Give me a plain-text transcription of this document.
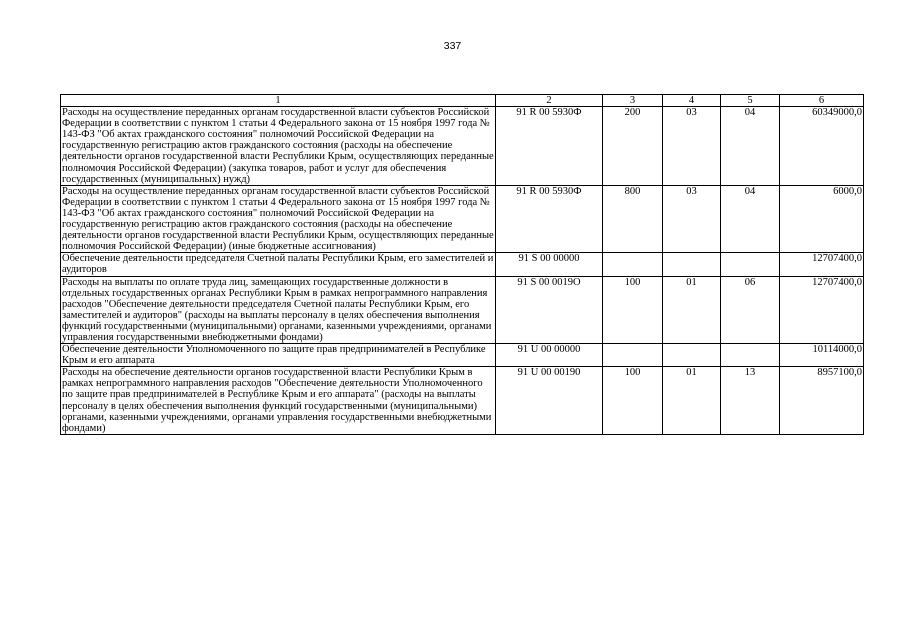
337
1	2	3	4	5	6
Расходы на осуществление переданных органам государственной власти субъектов Российской Федерации в соответствии с пунктом 1 статьи 4 Федерального закона от 15 ноября 1997 года № 143-ФЗ "Об актах гражданского состояния" полномочий Российской Федерации на государственную регистрацию актов гражданского состояния (расходы на обеспечение деятельности органов государственной власти Республики Крым, осуществляющих переданные полномочия Российской Федерации) (закупка товаров, работ и услуг для обеспечения государственных (муниципальных) нужд)	91 R 00 5930Ф	200	03	04	60349000,0
Расходы на осуществление переданных органам государственной власти субъектов Российской Федерации в соответствии с пунктом 1 статьи 4 Федерального закона от 15 ноября 1997 года № 143-ФЗ "Об актах гражданского состояния" полномочий Российской Федерации на государственную регистрацию актов гражданского состояния (расходы на обеспечение деятельности органов государственной власти Республики Крым, осуществляющих переданные полномочия Российской Федерации) (иные бюджетные ассигнования)	91 R 00 5930Ф	800	03	04	6000,0
Обеспечение деятельности председателя Счетной палаты Республики Крым, его заместителей и аудиторов	91 S 00 00000				12707400,0
Расходы на выплаты по оплате труда лиц, замещающих государственные должности в отдельных государственных органах Республики Крым в рамках непрограммного направления расходов "Обеспечение деятельности председателя Счетной палаты Республики Крым, его заместителей и аудиторов" (расходы на выплаты персоналу в целях обеспечения выполнения функций государственными (муниципальными) органами, казенными учреждениями, органами управления государственными внебюджетными фондами)	91 S 00 0019О	100	01	06	12707400,0
Обеспечение деятельности Уполномоченного по защите прав предпринимателей в Республике Крым и его аппарата	91 U 00 00000				10114000,0
Расходы на обеспечение деятельности органов государственной власти Республики Крым в рамках непрограммного направления расходов "Обеспечение деятельности Уполномоченного по защите прав предпринимателей в Республике Крым и его аппарата" (расходы на выплаты персоналу в целях обеспечения выполнения функций государственными (муниципальными) органами, казенными учреждениями, органами управления государственными внебюджетными фондами)	91 U 00 00190	100	01	13	8957100,0
